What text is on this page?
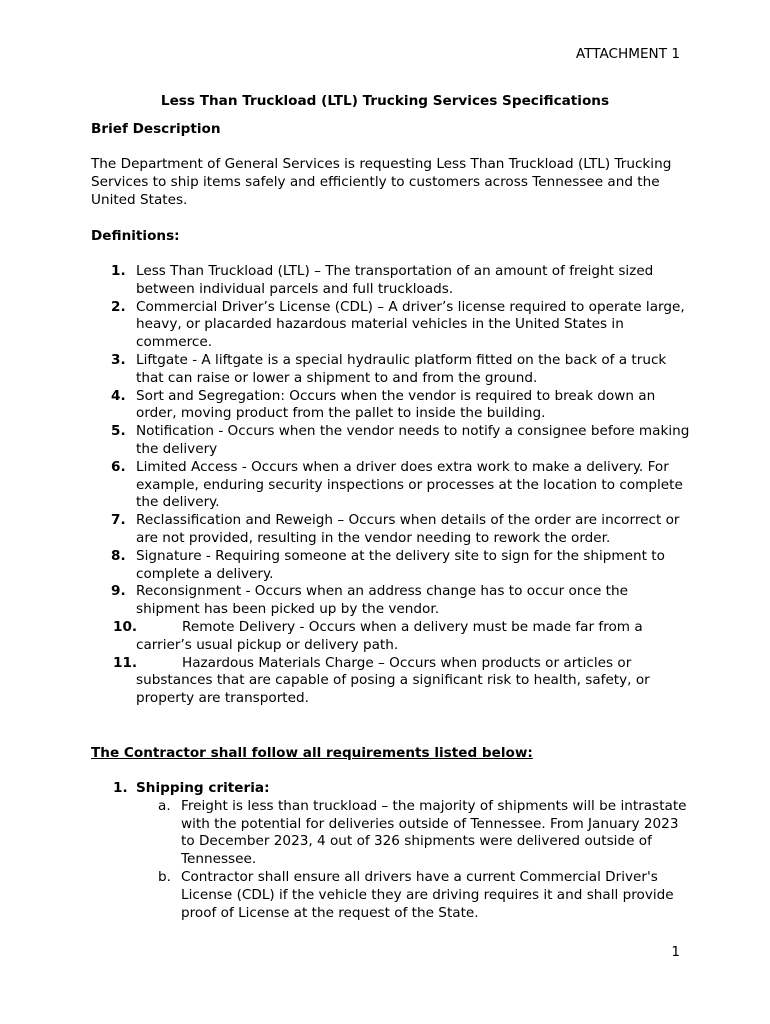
ATTACHMENT 1
Less Than Truckload (LTL) Trucking Services Specifications
Brief Description
The Department of General Services is requesting Less Than Truckload (LTL) Trucking Services to ship items safely and efficiently to customers across Tennessee and the United States.
Definitions:
1. Less Than Truckload (LTL) – The transportation of an amount of freight sized between individual parcels and full truckloads.
2. Commercial Driver’s License (CDL) – A driver’s license required to operate large, heavy, or placarded hazardous material vehicles in the United States in commerce.
3. Liftgate - A liftgate is a special hydraulic platform fitted on the back of a truck that can raise or lower a shipment to and from the ground.
4. Sort and Segregation: Occurs when the vendor is required to break down an order, moving product from the pallet to inside the building.
5. Notification - Occurs when the vendor needs to notify a consignee before making the delivery
6. Limited Access - Occurs when a driver does extra work to make a delivery. For example, enduring security inspections or processes at the location to complete the delivery.
7. Reclassification and Reweigh – Occurs when details of the order are incorrect or are not provided, resulting in the vendor needing to rework the order.
8. Signature - Requiring someone at the delivery site to sign for the shipment to complete a delivery.
9. Reconsignment - Occurs when an address change has to occur once the shipment has been picked up by the vendor.
10.	Remote Delivery - Occurs when a delivery must be made far from a carrier’s usual pickup or delivery path.
11.	Hazardous Materials Charge – Occurs when products or articles or substances that are capable of posing a significant risk to health, safety, or property are transported.
The Contractor shall follow all requirements listed below:
1. Shipping criteria:
a. Freight is less than truckload – the majority of shipments will be intrastate with the potential for deliveries outside of Tennessee. From January 2023 to December 2023, 4 out of 326 shipments were delivered outside of Tennessee.
b. Contractor shall ensure all drivers have a current Commercial Driver's License (CDL) if the vehicle they are driving requires it and shall provide proof of License at the request of the State.
1
